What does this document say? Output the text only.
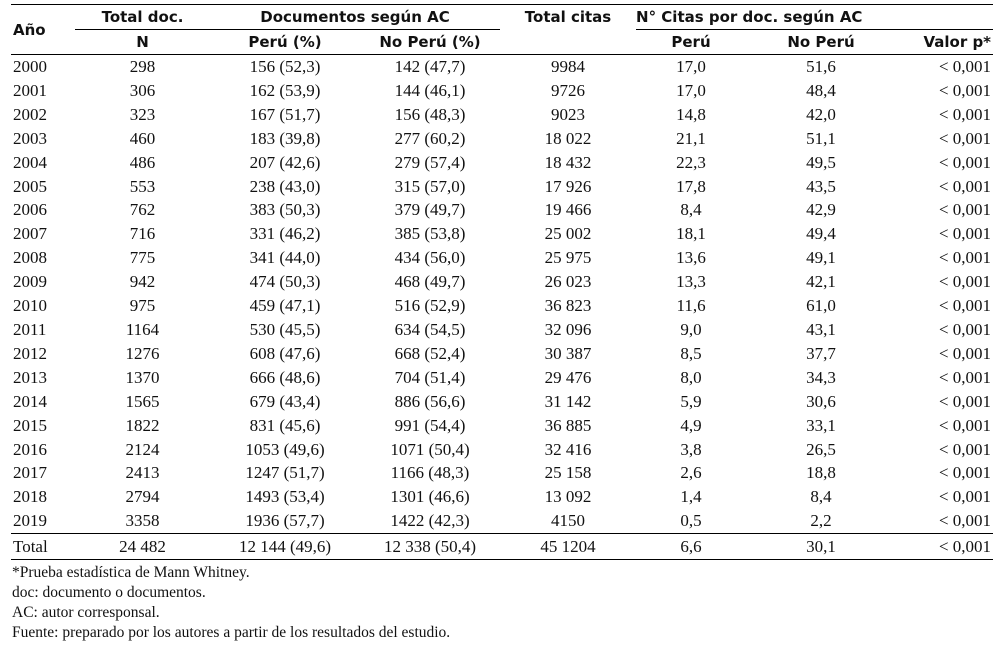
Año	Total doc.	Documentos según AC		Total citas	N° Citas por doc. según AC		
	N	Perú (%)	No Perú (%)		Perú	No Perú	Valor p*
2000	298	156 (52,3)	142 (47,7)	9984	17,0	51,6	< 0,001
2001	306	162 (53,9)	144 (46,1)	9726	17,0	48,4	< 0,001
2002	323	167 (51,7)	156 (48,3)	9023	14,8	42,0	< 0,001
2003	460	183 (39,8)	277 (60,2)	18 022	21,1	51,1	< 0,001
2004	486	207 (42,6)	279 (57,4)	18 432	22,3	49,5	< 0,001
2005	553	238 (43,0)	315 (57,0)	17 926	17,8	43,5	< 0,001
2006	762	383 (50,3)	379 (49,7)	19 466	8,4	42,9	< 0,001
2007	716	331 (46,2)	385 (53,8)	25 002	18,1	49,4	< 0,001
2008	775	341 (44,0)	434 (56,0)	25 975	13,6	49,1	< 0,001
2009	942	474 (50,3)	468 (49,7)	26 023	13,3	42,1	< 0,001
2010	975	459 (47,1)	516 (52,9)	36 823	11,6	61,0	< 0,001
2011	1164	530 (45,5)	634 (54,5)	32 096	9,0	43,1	< 0,001
2012	1276	608 (47,6)	668 (52,4)	30 387	8,5	37,7	< 0,001
2013	1370	666 (48,6)	704 (51,4)	29 476	8,0	34,3	< 0,001
2014	1565	679 (43,4)	886 (56,6)	31 142	5,9	30,6	< 0,001
2015	1822	831 (45,6)	991 (54,4)	36 885	4,9	33,1	< 0,001
2016	2124	1053 (49,6)	1071 (50,4)	32 416	3,8	26,5	< 0,001
2017	2413	1247 (51,7)	1166 (48,3)	25 158	2,6	18,8	< 0,001
2018	2794	1493 (53,4)	1301 (46,6)	13 092	1,4	8,4	< 0,001
2019	3358	1936 (57,7)	1422 (42,3)	4150	0,5	2,2	< 0,001
Total	24 482	12 144 (49,6)	12 338 (50,4)	45 1204	6,6	30,1	< 0,001
*Prueba estadística de Mann Whitney.
doc: documento o documentos.
AC: autor corresponsal.
Fuente: preparado por los autores a partir de los resultados del estudio.
